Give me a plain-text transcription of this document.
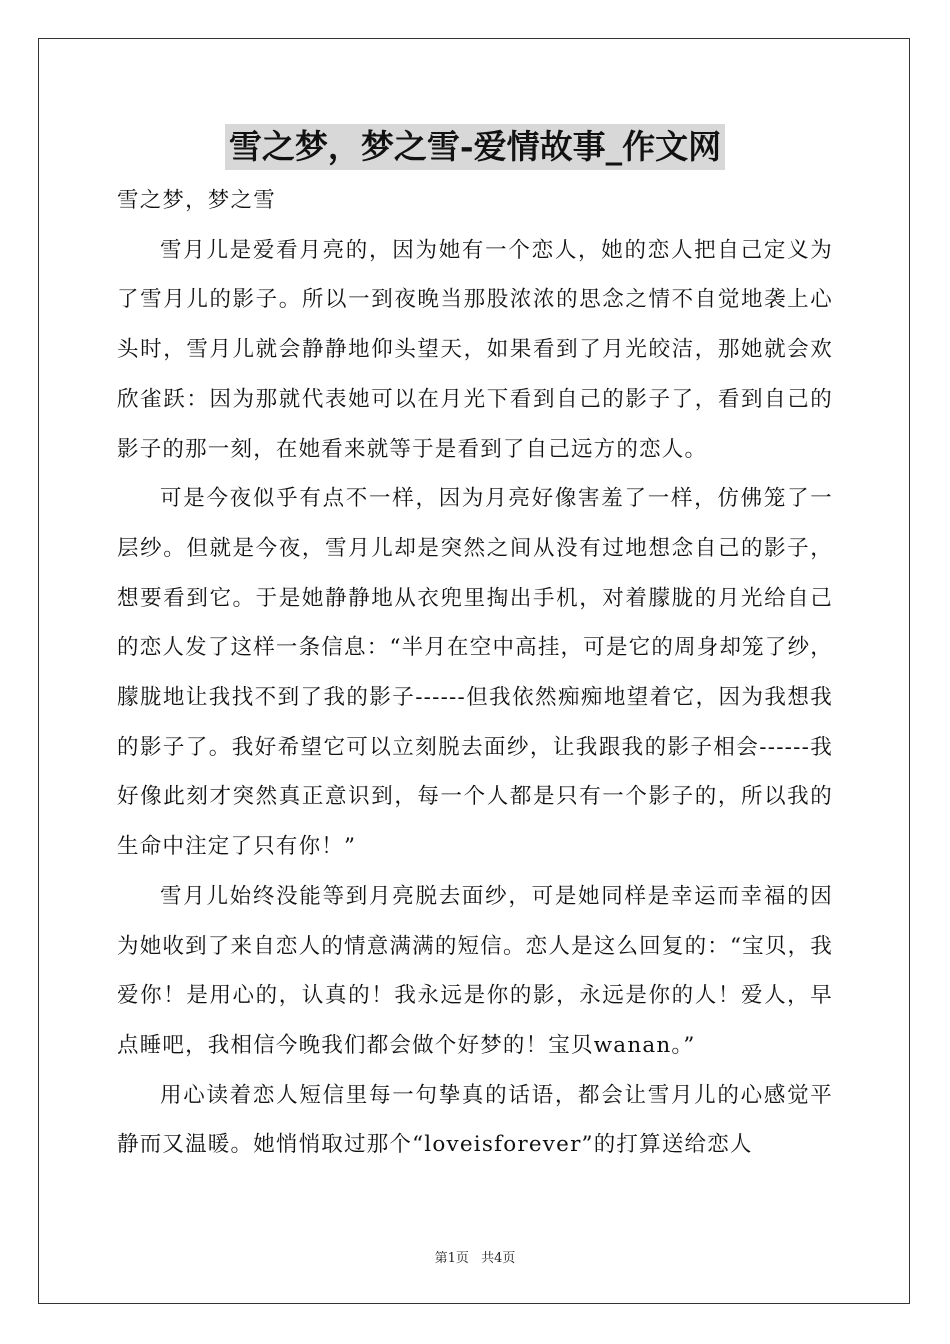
雪之梦，梦之雪-爱情故事_作文网

雪之梦，梦之雪

雪月儿是爱看月亮的，因为她有一个恋人，她的恋人把自己定义为了雪月儿的影子。所以一到夜晚当那股浓浓的思念之情不自觉地袭上心头时，雪月儿就会静静地仰头望天，如果看到了月光皎洁，那她就会欢欣雀跃：因为那就代表她可以在月光下看到自己的影子了，看到自己的影子的那一刻，在她看来就等于是看到了自己远方的恋人。

可是今夜似乎有点不一样，因为月亮好像害羞了一样，仿佛笼了一层纱。但就是今夜，雪月儿却是突然之间从没有过地想念自己的影子，想要看到它。于是她静静地从衣兜里掏出手机，对着朦胧的月光给自己的恋人发了这样一条信息：“半月在空中高挂，可是它的周身却笼了纱，朦胧地让我找不到了我的影子------但我依然痴痴地望着它，因为我想我的影子了。我好希望它可以立刻脱去面纱，让我跟我的影子相会------我好像此刻才突然真正意识到，每一个人都是只有一个影子的，所以我的生命中注定了只有你！”

雪月儿始终没能等到月亮脱去面纱，可是她同样是幸运而幸福的因为她收到了来自恋人的情意满满的短信。恋人是这么回复的：“宝贝，我爱你！是用心的，认真的！我永远是你的影，永远是你的人！爱人，早点睡吧，我相信今晚我们都会做个好梦的！宝贝wanan。”

用心读着恋人短信里每一句挚真的话语，都会让雪月儿的心感觉平静而又温暖。她悄悄取过那个“loveisforever”的打算送给恋人

第1页 共4页
